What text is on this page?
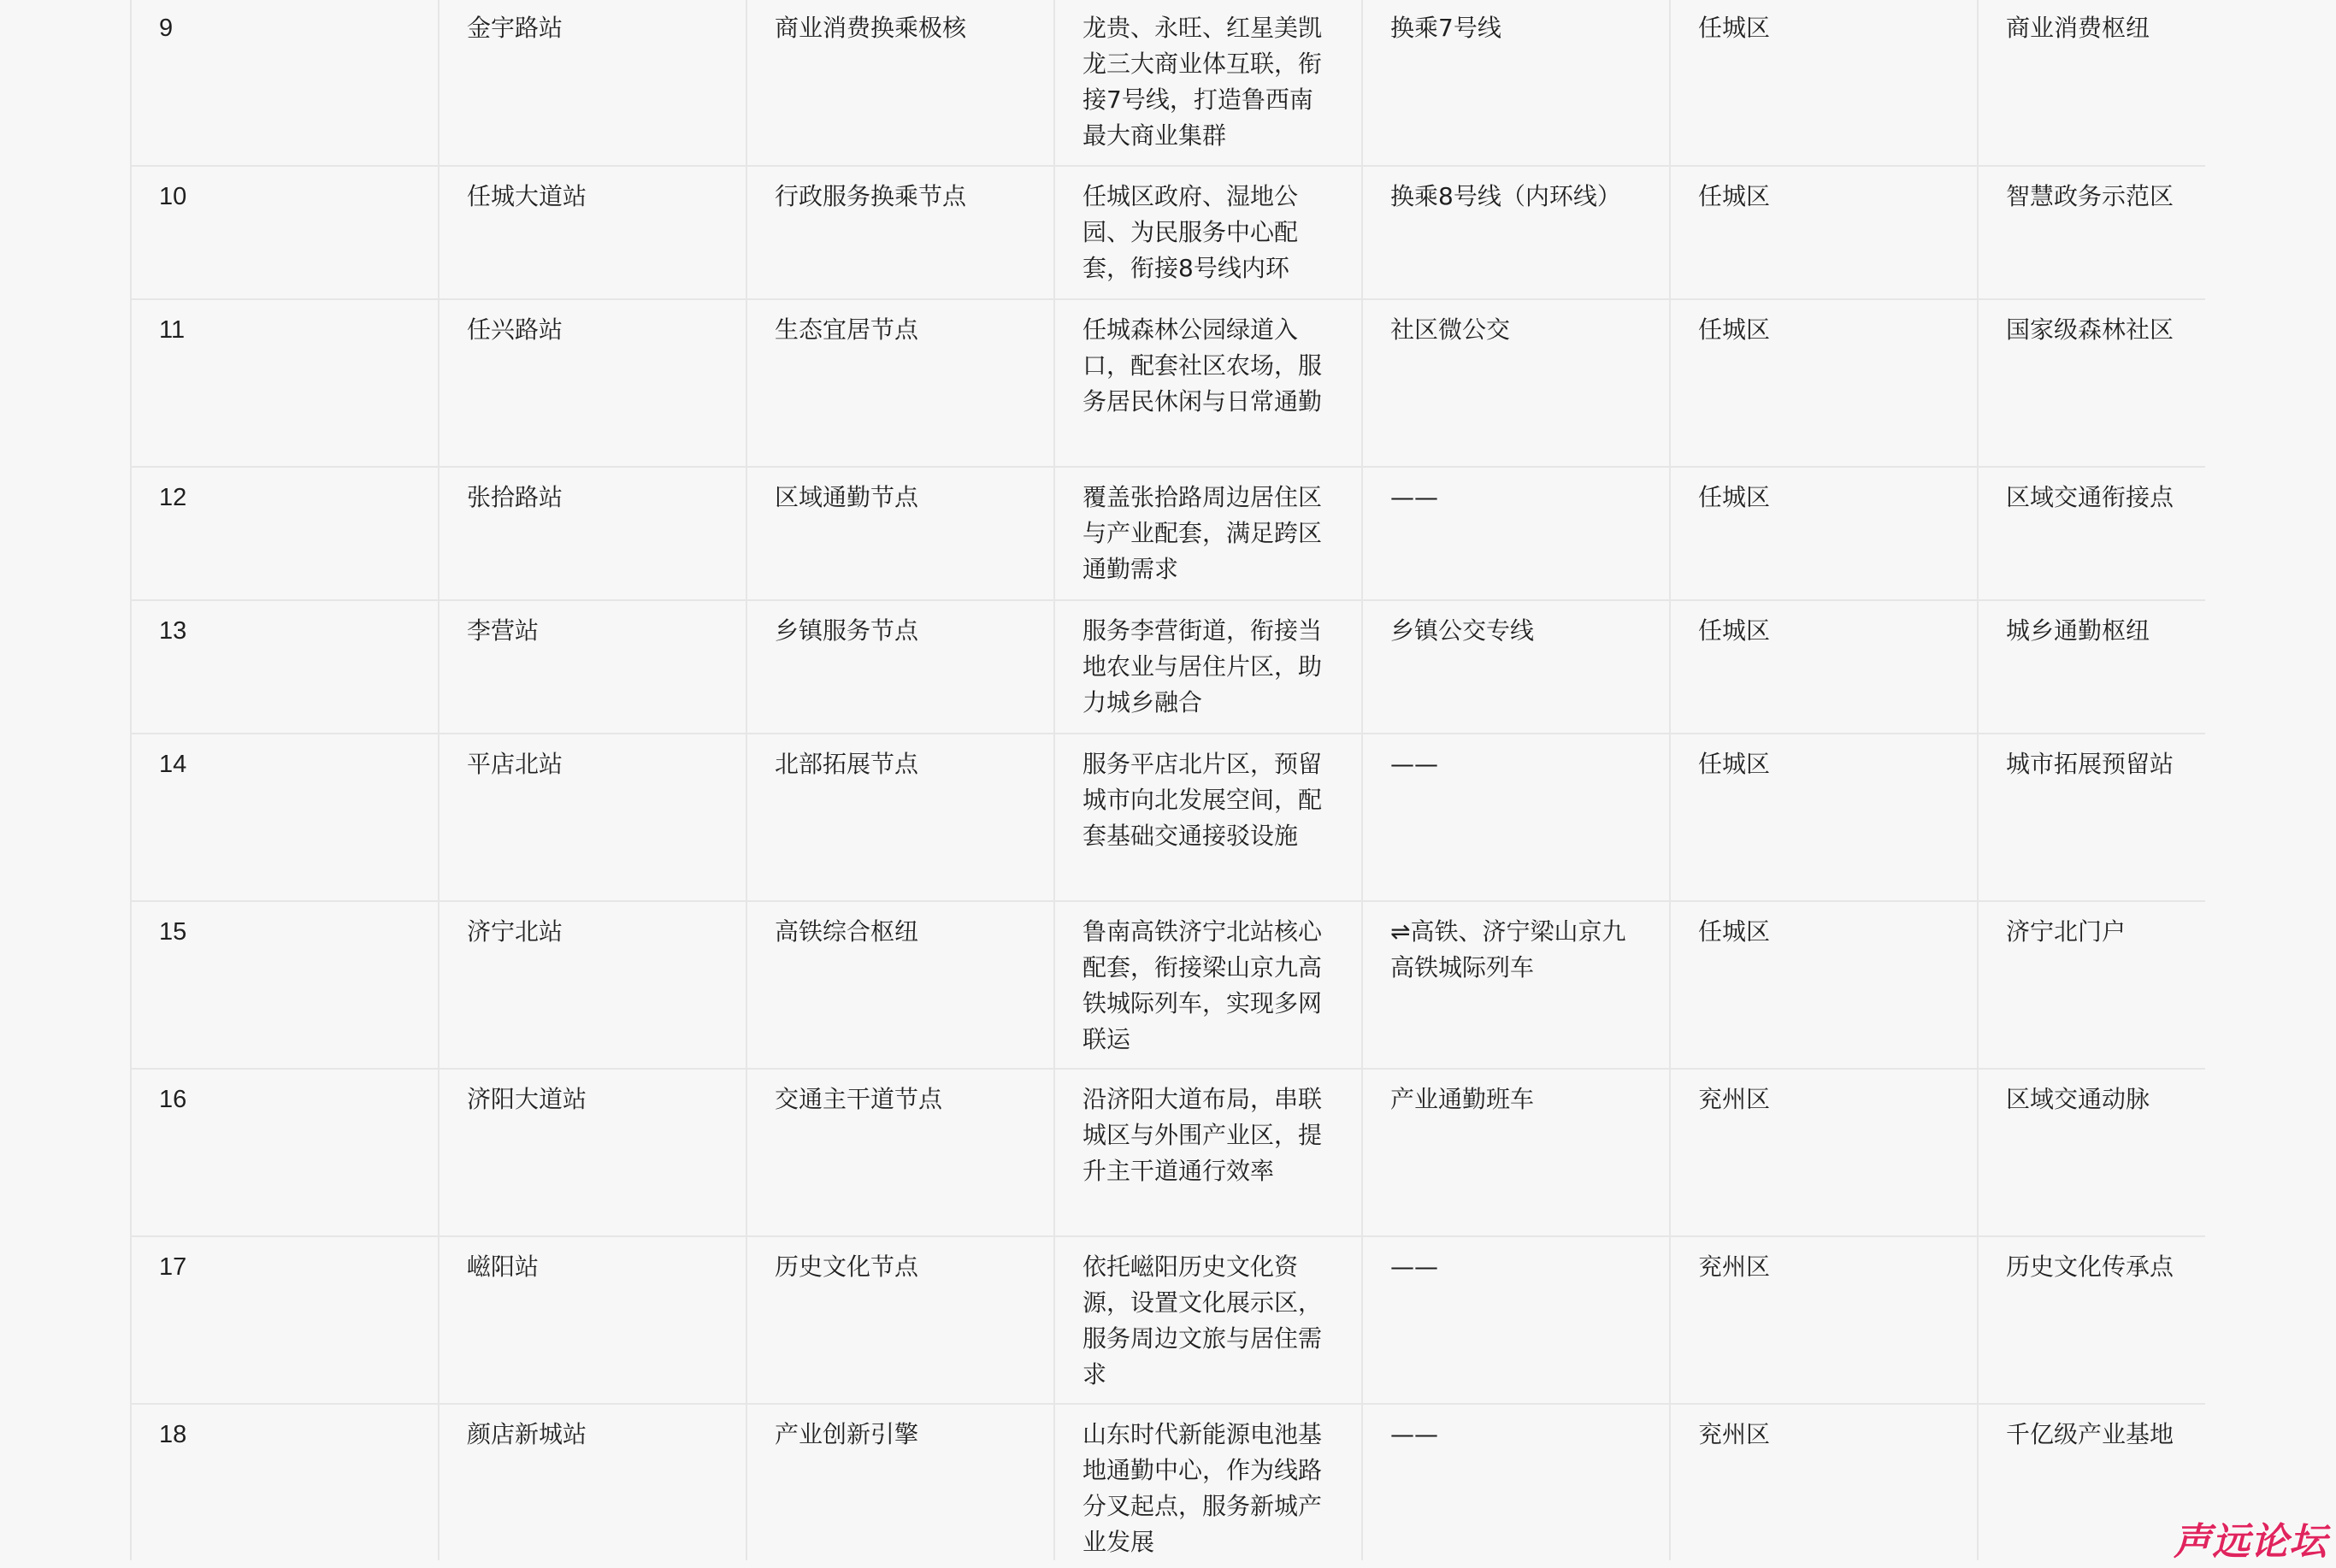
9	金宇路站	商业消费换乘极核	龙贵、永旺、红星美凯龙三大商业体互联，衔接7号线，打造鲁西南最大商业集群	换乘7号线	任城区	商业消费枢纽
10	任城大道站	行政服务换乘节点	任城区政府、湿地公园、为民服务中心配套，衔接8号线内环	换乘8号线（内环线）	任城区	智慧政务示范区
11	任兴路站	生态宜居节点	任城森林公园绿道入口，配套社区农场，服务居民休闲与日常通勤	社区微公交	任城区	国家级森林社区
12	张拾路站	区域通勤节点	覆盖张拾路周边居住区与产业配套，满足跨区通勤需求	——	任城区	区域交通衔接点
13	李营站	乡镇服务节点	服务李营街道，衔接当地农业与居住片区，助力城乡融合	乡镇公交专线	任城区	城乡通勤枢纽
14	平店北站	北部拓展节点	服务平店北片区，预留城市向北发展空间，配套基础交通接驳设施	——	任城区	城市拓展预留站
15	济宁北站	高铁综合枢纽	鲁南高铁济宁北站核心配套，衔接梁山京九高铁城际列车，实现多网联运	⇌高铁、济宁梁山京九高铁城际列车	任城区	济宁北门户
16	济阳大道站	交通主干道节点	沿济阳大道布局，串联城区与外围产业区，提升主干道通行效率	产业通勤班车	兖州区	区域交通动脉
17	嵫阳站	历史文化节点	依托嵫阳历史文化资源，设置文化展示区，服务周边文旅与居住需求	——	兖州区	历史文化传承点
18	颜店新城站	产业创新引擎	山东时代新能源电池基地通勤中心，作为线路分叉起点，服务新城产业发展	——	兖州区	千亿级产业基地
声远论坛
